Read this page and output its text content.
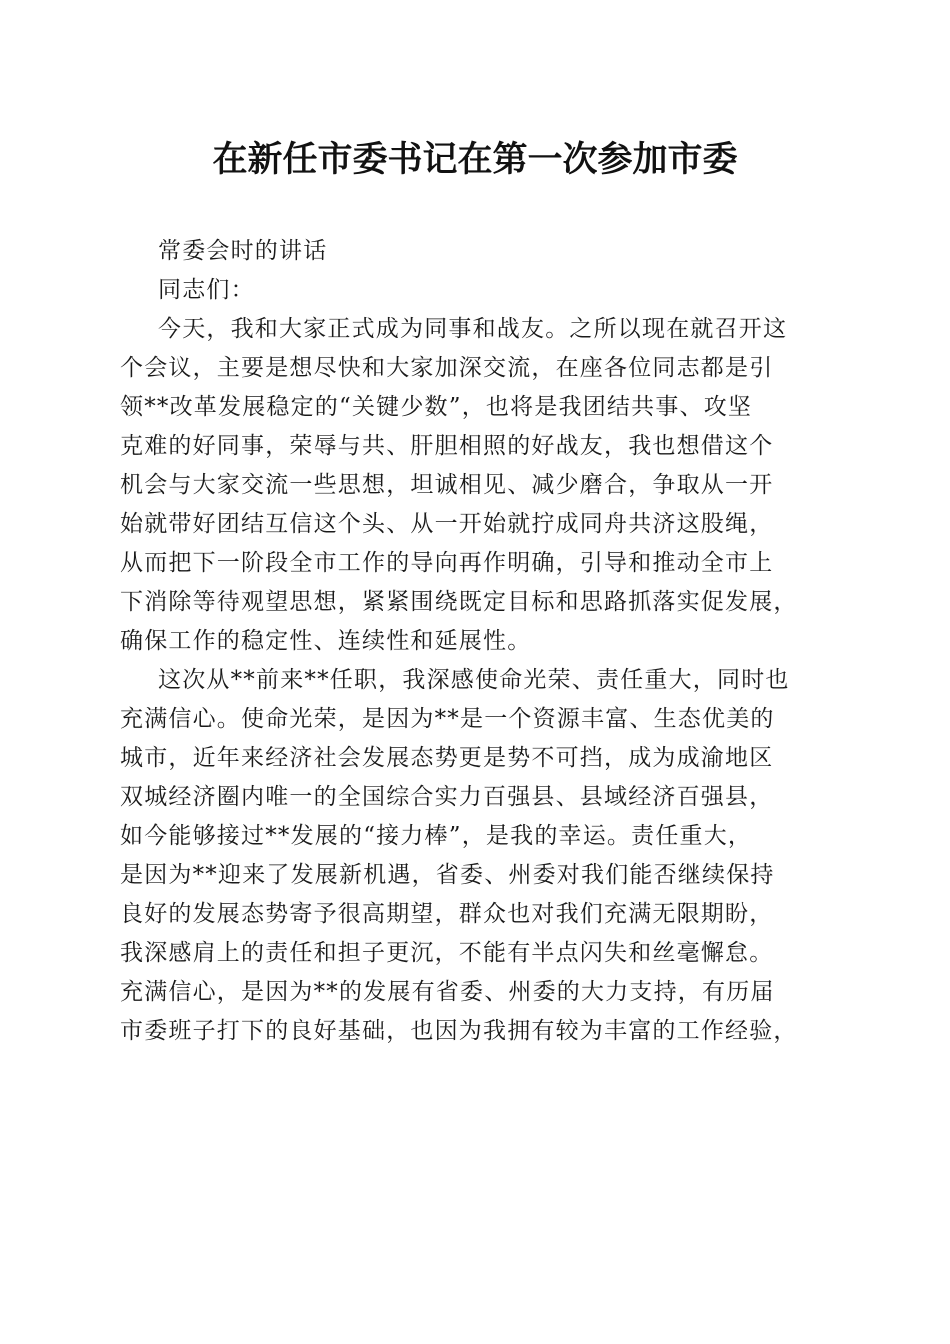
在新任市委书记在第一次参加市委
常委会时的讲话
同志们：
今天，我和大家正式成为同事和战友。之所以现在就召开这
个会议，主要是想尽快和大家加深交流，在座各位同志都是引
领**改革发展稳定的“关键少数”，也将是我团结共事、攻坚
克难的好同事，荣辱与共、肝胆相照的好战友，我也想借这个
机会与大家交流一些思想，坦诚相见、减少磨合，争取从一开
始就带好团结互信这个头、从一开始就拧成同舟共济这股绳，
从而把下一阶段全市工作的导向再作明确，引导和推动全市上
下消除等待观望思想，紧紧围绕既定目标和思路抓落实促发展，
确保工作的稳定性、连续性和延展性。
这次从**前来**任职，我深感使命光荣、责任重大，同时也
充满信心。使命光荣，是因为**是一个资源丰富、生态优美的
城市，近年来经济社会发展态势更是势不可挡，成为成渝地区
双城经济圈内唯一的全国综合实力百强县、县域经济百强县，
如今能够接过**发展的“接力棒”，是我的幸运。责任重大，
是因为**迎来了发展新机遇，省委、州委对我们能否继续保持
良好的发展态势寄予很高期望，群众也对我们充满无限期盼，
我深感肩上的责任和担子更沉，不能有半点闪失和丝毫懈怠。
充满信心，是因为**的发展有省委、州委的大力支持，有历届
市委班子打下的良好基础，也因为我拥有较为丰富的工作经验，
